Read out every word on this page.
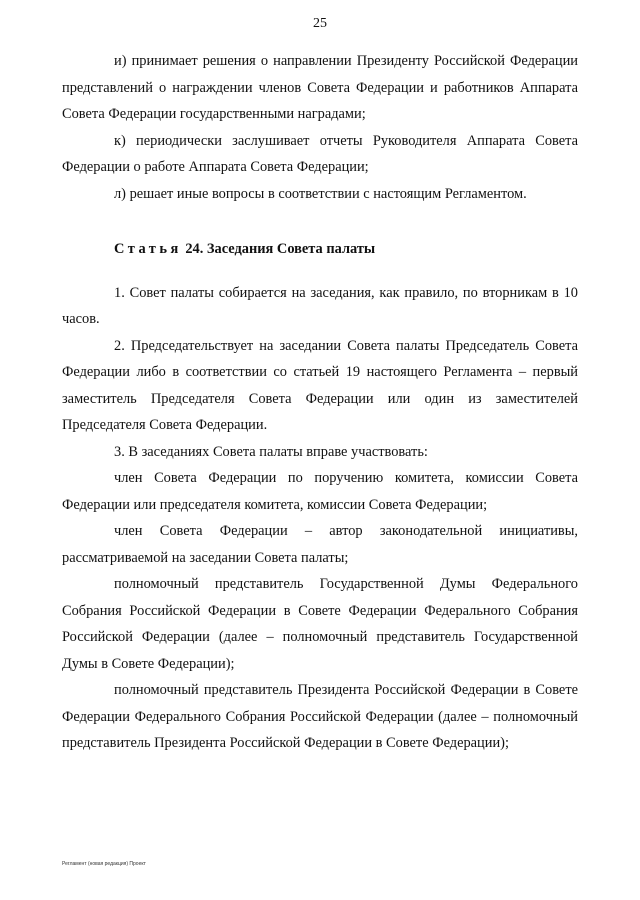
25

и) принимает решения о направлении Президенту Российской Федерации представлений о награждении членов Совета Федерации и работников Аппарата Совета Федерации государственными наградами;

к) периодически заслушивает отчеты Руководителя Аппарата Совета Федерации о работе Аппарата Совета Федерации;

л) решает иные вопросы в соответствии с настоящим Регламентом.

Статья 24. Заседания Совета палаты

1. Совет палаты собирается на заседания, как правило, по вторникам в 10 часов.

2. Председательствует на заседании Совета палаты Председатель Совета Федерации либо в соответствии со статьей 19 настоящего Регламента – первый заместитель Председателя Совета Федерации или один из заместителей Председателя Совета Федерации.

3. В заседаниях Совета палаты вправе участвовать:

член Совета Федерации по поручению комитета, комиссии Совета Федерации или председателя комитета, комиссии Совета Федерации;

член Совета Федерации – автор законодательной инициативы, рассматриваемой на заседании Совета палаты;

полномочный представитель Государственной Думы Федерального Собрания Российской Федерации в Совете Федерации Федерального Собрания Российской Федерации (далее – полномочный представитель Государственной Думы в Совете Федерации);

полномочный представитель Президента Российской Федерации в Совете Федерации Федерального Собрания Российской Федерации (далее – полномочный представитель Президента Российской Федерации в Совете Федерации);

Регламент (новая редакция) Проект
